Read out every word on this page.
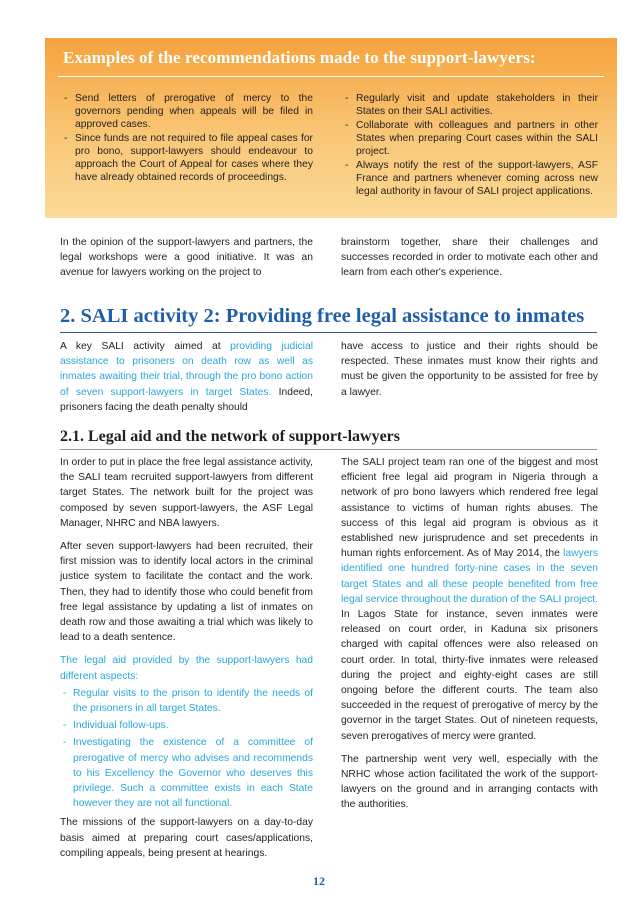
Examples of the recommendations made to the support-lawyers:
- Send letters of prerogative of mercy to the governors pending when appeals will be filed in approved cases.
- Since funds are not required to file appeal cases for pro bono, support-lawyers should endeavour to approach the Court of Appeal for cases where they have already obtained records of proceedings.
- Regularly visit and update stakeholders in their States on their SALI activities.
- Collaborate with colleagues and partners in other States when preparing Court cases within the SALI project.
- Always notify the rest of the support-lawyers, ASF France and partners whenever coming across new legal authority in favour of SALI project applications.

In the opinion of the support-lawyers and partners, the legal workshops were a good initiative. It was an avenue for lawyers working on the project to

brainstorm together, share their challenges and successes recorded in order to motivate each other and learn from each other's experience.

2. SALI activity 2: Providing free legal assistance to inmates

A key SALI activity aimed at providing judicial assistance to prisoners on death row as well as inmates awaiting their trial, through the pro bono action of seven support-lawyers in target States. Indeed, prisoners facing the death penalty should

have access to justice and their rights should be respected. These inmates must know their rights and must be given the opportunity to be assisted for free by a lawyer.

2.1. Legal aid and the network of support-lawyers

In order to put in place the free legal assistance activity, the SALI team recruited support-lawyers from different target States. The network built for the project was composed by seven support-lawyers, the ASF Legal Manager, NHRC and NBA lawyers.

After seven support-lawyers had been recruited, their first mission was to identify local actors in the criminal justice system to facilitate the contact and the work. Then, they had to identify those who could benefit from free legal assistance by updating a list of inmates on death row and those awaiting a trial which was likely to lead to a death sentence.

The legal aid provided by the support-lawyers had different aspects:

- Regular visits to the prison to identify the needs of the prisoners in all target States.
- Individual follow-ups.
- Investigating the existence of a committee of prerogative of mercy who advises and recommends to his Excellency the Governor who deserves this privilege. Such a committee exists in each State however they are not all functional.

The missions of the support-lawyers on a day-to-day basis aimed at preparing court cases/applications, compiling appeals, being present at hearings.

The SALI project team ran one of the biggest and most efficient free legal aid program in Nigeria through a network of pro bono lawyers which rendered free legal assistance to victims of human rights abuses. The success of this legal aid program is obvious as it established new jurisprudence and set precedents in human rights enforcement. As of May 2014, the lawyers identified one hundred forty-nine cases in the seven target States and all these people benefited from free legal service throughout the duration of the SALI project. In Lagos State for instance, seven inmates were released on court order, in Kaduna six prisoners charged with capital offences were also released on court order. In total, thirty-five inmates were released during the project and eighty-eight cases are still ongoing before the different courts. The team also succeeded in the request of prerogative of mercy by the governor in the target States. Out of nineteen requests, seven prerogatives of mercy were granted.

The partnership went very well, especially with the NRHC whose action facilitated the work of the support-lawyers on the ground and in arranging contacts with the authorities.

12
